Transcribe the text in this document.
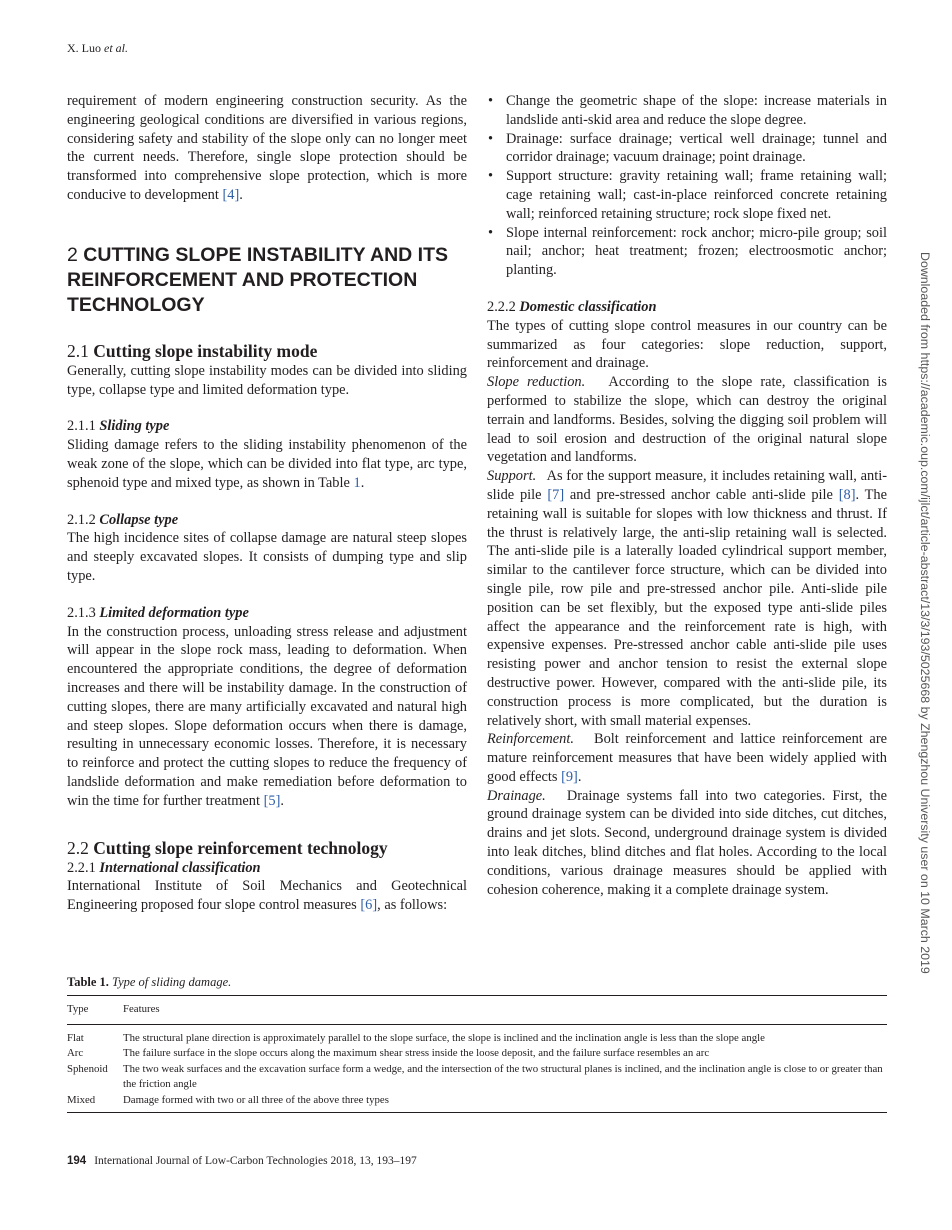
X. Luo et al.

requirement of modern engineering construction security. As the engineering geological conditions are diversified in various regions, considering safety and stability of the slope only can no longer meet the current needs. Therefore, single slope protection should be transformed into comprehensive slope protection, which is more conducive to development [4].

2 CUTTING SLOPE INSTABILITY AND ITS REINFORCEMENT AND PROTECTION TECHNOLOGY
2.1 Cutting slope instability mode

Generally, cutting slope instability modes can be divided into sliding type, collapse type and limited deformation type.

2.1.1 Sliding type

Sliding damage refers to the sliding instability phenomenon of the weak zone of the slope, which can be divided into flat type, arc type, sphenoid type and mixed type, as shown in Table 1.

2.1.2 Collapse type

The high incidence sites of collapse damage are natural steep slopes and steeply excavated slopes. It consists of dumping type and slip type.

2.1.3 Limited deformation type

In the construction process, unloading stress release and adjustment will appear in the slope rock mass, leading to deformation. When encountered the appropriate conditions, the degree of deformation increases and there will be instability damage. In the construction of cutting slopes, there are many artificially excavated and natural high and steep slopes. Slope deformation occurs when there is damage, resulting in unnecessary economic losses. Therefore, it is necessary to reinforce and protect the cutting slopes to reduce the frequency of landslide deformation and make remediation before deformation to win the time for further treatment [5].

2.2 Cutting slope reinforcement technology
2.2.1 International classification

International Institute of Soil Mechanics and Geotechnical Engineering proposed four slope control measures [6], as follows:

• Change the geometric shape of the slope: increase materials in landslide anti-skid area and reduce the slope degree.
• Drainage: surface drainage; vertical well drainage; tunnel and corridor drainage; vacuum drainage; point drainage.
• Support structure: gravity retaining wall; frame retaining wall; cage retaining wall; cast-in-place reinforced concrete retaining wall; reinforced retaining structure; rock slope fixed net.
• Slope internal reinforcement: rock anchor; micro-pile group; soil nail; anchor; heat treatment; frozen; electroosmotic anchor; planting.
2.2.2 Domestic classification

The types of cutting slope control measures in our country can be summarized as four categories: slope reduction, support, reinforcement and drainage.

Slope reduction. According to the slope rate, classification is performed to stabilize the slope, which can destroy the original terrain and landforms. Besides, solving the digging soil problem will lead to soil erosion and destruction of the original natural slope vegetation and landforms.

Support. As for the support measure, it includes retaining wall, anti-slide pile [7] and pre-stressed anchor cable anti-slide pile [8]. The retaining wall is suitable for slopes with low thickness and thrust. If the thrust is relatively large, the anti-slip retaining wall is selected. The anti-slide pile is a laterally loaded cylindrical support member, similar to the cantilever force structure, which can be divided into single pile, row pile and pre-stressed anchor pile. Anti-slide pile position can be set flexibly, but the exposed type anti-slide piles affect the appearance and the reinforcement rate is high, with expensive expenses. Pre-stressed anchor cable anti-slide pile uses resisting power and anchor tension to resist the external slope destructive power. However, compared with the anti-slide pile, its construction process is more complicated, but the duration is relatively short, with small material expenses.

Reinforcement. Bolt reinforcement and lattice reinforcement are mature reinforcement measures that have been widely applied with good effects [9].

Drainage. Drainage systems fall into two categories. First, the ground drainage system can be divided into side ditches, cut ditches, drains and jet slots. Second, underground drainage system is divided into leak ditches, blind ditches and flat holes. According to the local conditions, various drainage measures should be applied with cohesion coherence, making it a complete drainage system.	Downloaded from https://academic.oup.com/ijlct/article-abstract/13/3/193/5025668 by Zhengzhou University user on 10 March 2019
Table 1. Type of sliding damage.
Type	Features
Flat	The structural plane direction is approximately parallel to the slope surface, the slope is inclined and the inclination angle is less than the slope angle
Arc	The failure surface in the slope occurs along the maximum shear stress inside the loose deposit, and the failure surface resembles an arc
Sphenoid	The two weak surfaces and the excavation surface form a wedge, and the intersection of the two structural planes is inclined, and the inclination angle is close to or greater than the friction angle
Mixed	Damage formed with two or all three of the above three types
194 International Journal of Low-Carbon Technologies 2018, 13, 193–197
